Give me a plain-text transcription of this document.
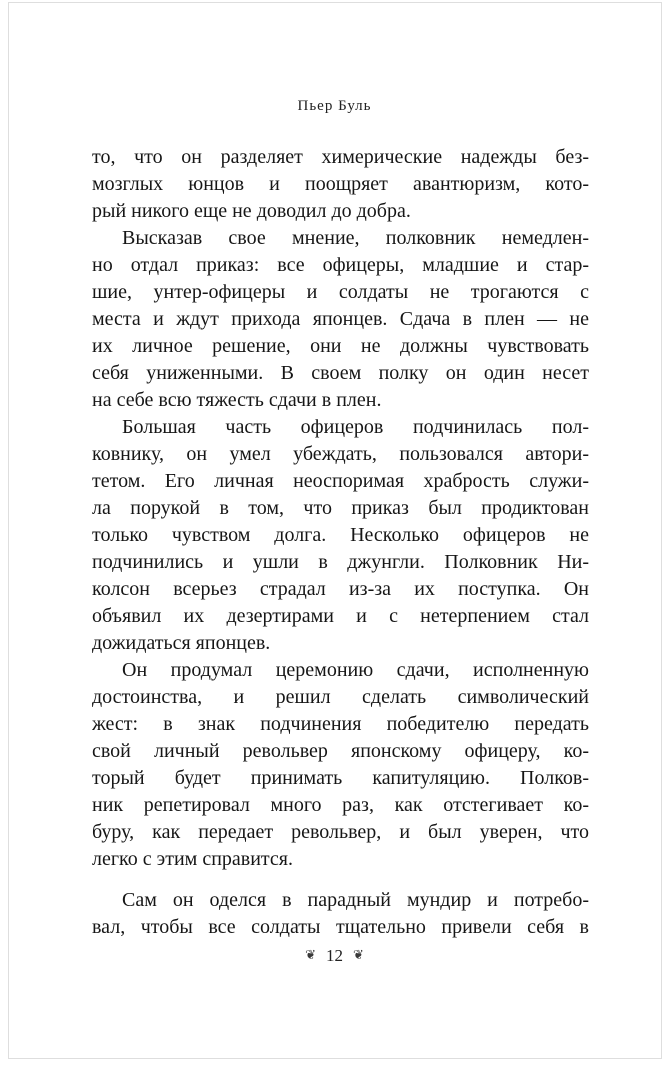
Пьер Буль
то, что он разделяет химерические надежды без-
мозглых юнцов и поощряет авантюризм, кото-
рый никого еще не доводил до добра.
Высказав свое мнение, полковник немедлен-
но отдал приказ: все офицеры, младшие и стар-
шие, унтер-офицеры и солдаты не трогаются с
места и ждут прихода японцев. Сдача в плен — не
их личное решение, они не должны чувствовать
себя униженными. В своем полку он один несет
на себе всю тяжесть сдачи в плен.
Большая часть офицеров подчинилась пол-
ковнику, он умел убеждать, пользовался автори-
тетом. Его личная неоспоримая храбрость служи-
ла порукой в том, что приказ был продиктован
только чувством долга. Несколько офицеров не
подчинились и ушли в джунгли. Полковник Ни-
колсон всерьез страдал из-за их поступка. Он
объявил их дезертирами и с нетерпением стал
дожидаться японцев.
Он продумал церемонию сдачи, исполненную
достоинства, и решил сделать символический
жест: в знак подчинения победителю передать
свой личный револьвер японскому офицеру, ко-
торый будет принимать капитуляцию. Полков-
ник репетировал много раз, как отстегивает ко-
буру, как передает револьвер, и был уверен, что
легко с этим справится.
Сам он оделся в парадный мундир и потребо-
вал, чтобы все солдаты тщательно привели себя в
❦ 12 ❦
